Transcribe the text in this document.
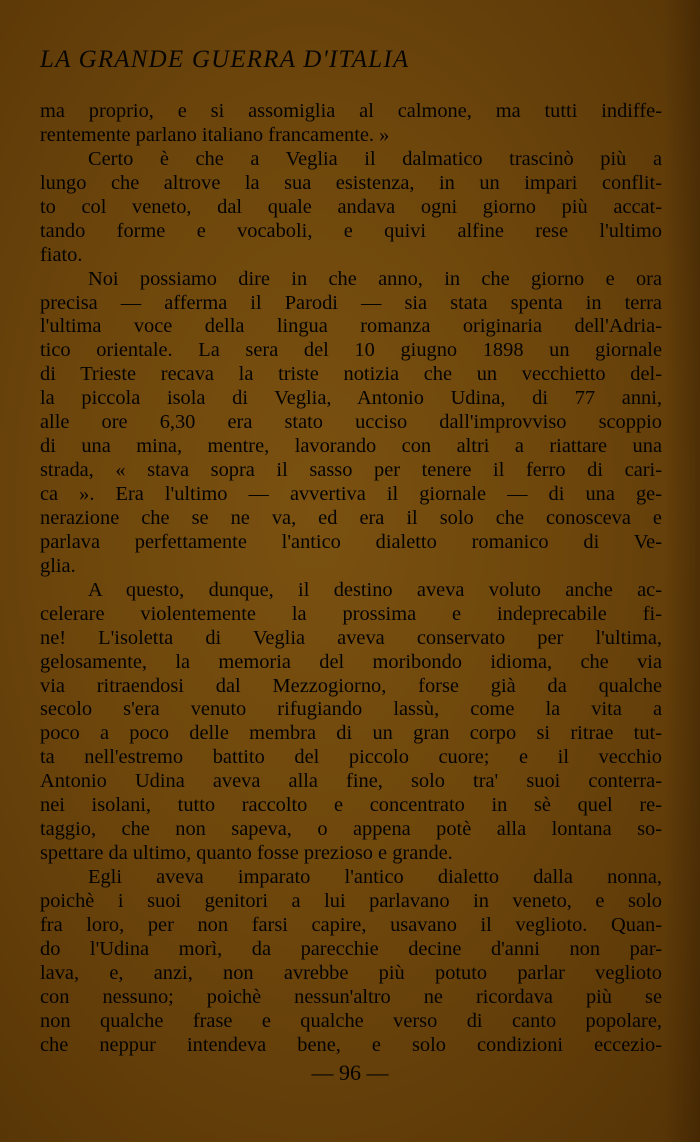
LA GRANDE GUERRA D'ITALIA
ma proprio, e si assomiglia al calmone, ma tutti indiffe-
rentemente parlano italiano francamente. »
Certo è che a Veglia il dalmatico trascinò più a
lungo che altrove la sua esistenza, in un impari conflit-
to col veneto, dal quale andava ogni giorno più accat-
tando forme e vocaboli, e quivi alfine rese l'ultimo
fiato.
Noi possiamo dire in che anno, in che giorno e ora
precisa — afferma il Parodi — sia stata spenta in terra
l'ultima voce della lingua romanza originaria dell'Adria-
tico orientale. La sera del 10 giugno 1898 un giornale
di Trieste recava la triste notizia che un vecchietto del-
la piccola isola di Veglia, Antonio Udina, di 77 anni,
alle ore 6,30 era stato ucciso dall'improvviso scoppio
di una mina, mentre, lavorando con altri a riattare una
strada, « stava sopra il sasso per tenere il ferro di cari-
ca ». Era l'ultimo — avvertiva il giornale — di una ge-
nerazione che se ne va, ed era il solo che conosceva e
parlava perfettamente l'antico dialetto romanico di Ve-
glia.
A questo, dunque, il destino aveva voluto anche ac-
celerare violentemente la prossima e indeprecabile fi-
ne! L'isoletta di Veglia aveva conservato per l'ultima,
gelosamente, la memoria del moribondo idioma, che via
via ritraendosi dal Mezzogiorno, forse già da qualche
secolo s'era venuto rifugiando lassù, come la vita a
poco a poco delle membra di un gran corpo si ritrae tut-
ta nell'estremo battito del piccolo cuore; e il vecchio
Antonio Udina aveva alla fine, solo tra' suoi conterra-
nei isolani, tutto raccolto e concentrato in sè quel re-
taggio, che non sapeva, o appena potè alla lontana so-
spettare da ultimo, quanto fosse prezioso e grande.
Egli aveva imparato l'antico dialetto dalla nonna,
poichè i suoi genitori a lui parlavano in veneto, e solo
fra loro, per non farsi capire, usavano il veglioto. Quan-
do l'Udina morì, da parecchie decine d'anni non par-
lava, e, anzi, non avrebbe più potuto parlar veglioto
con nessuno; poichè nessun'altro ne ricordava più se
non qualche frase e qualche verso di canto popolare,
che neppur intendeva bene, e solo condizioni eccezio-
— 96 —
